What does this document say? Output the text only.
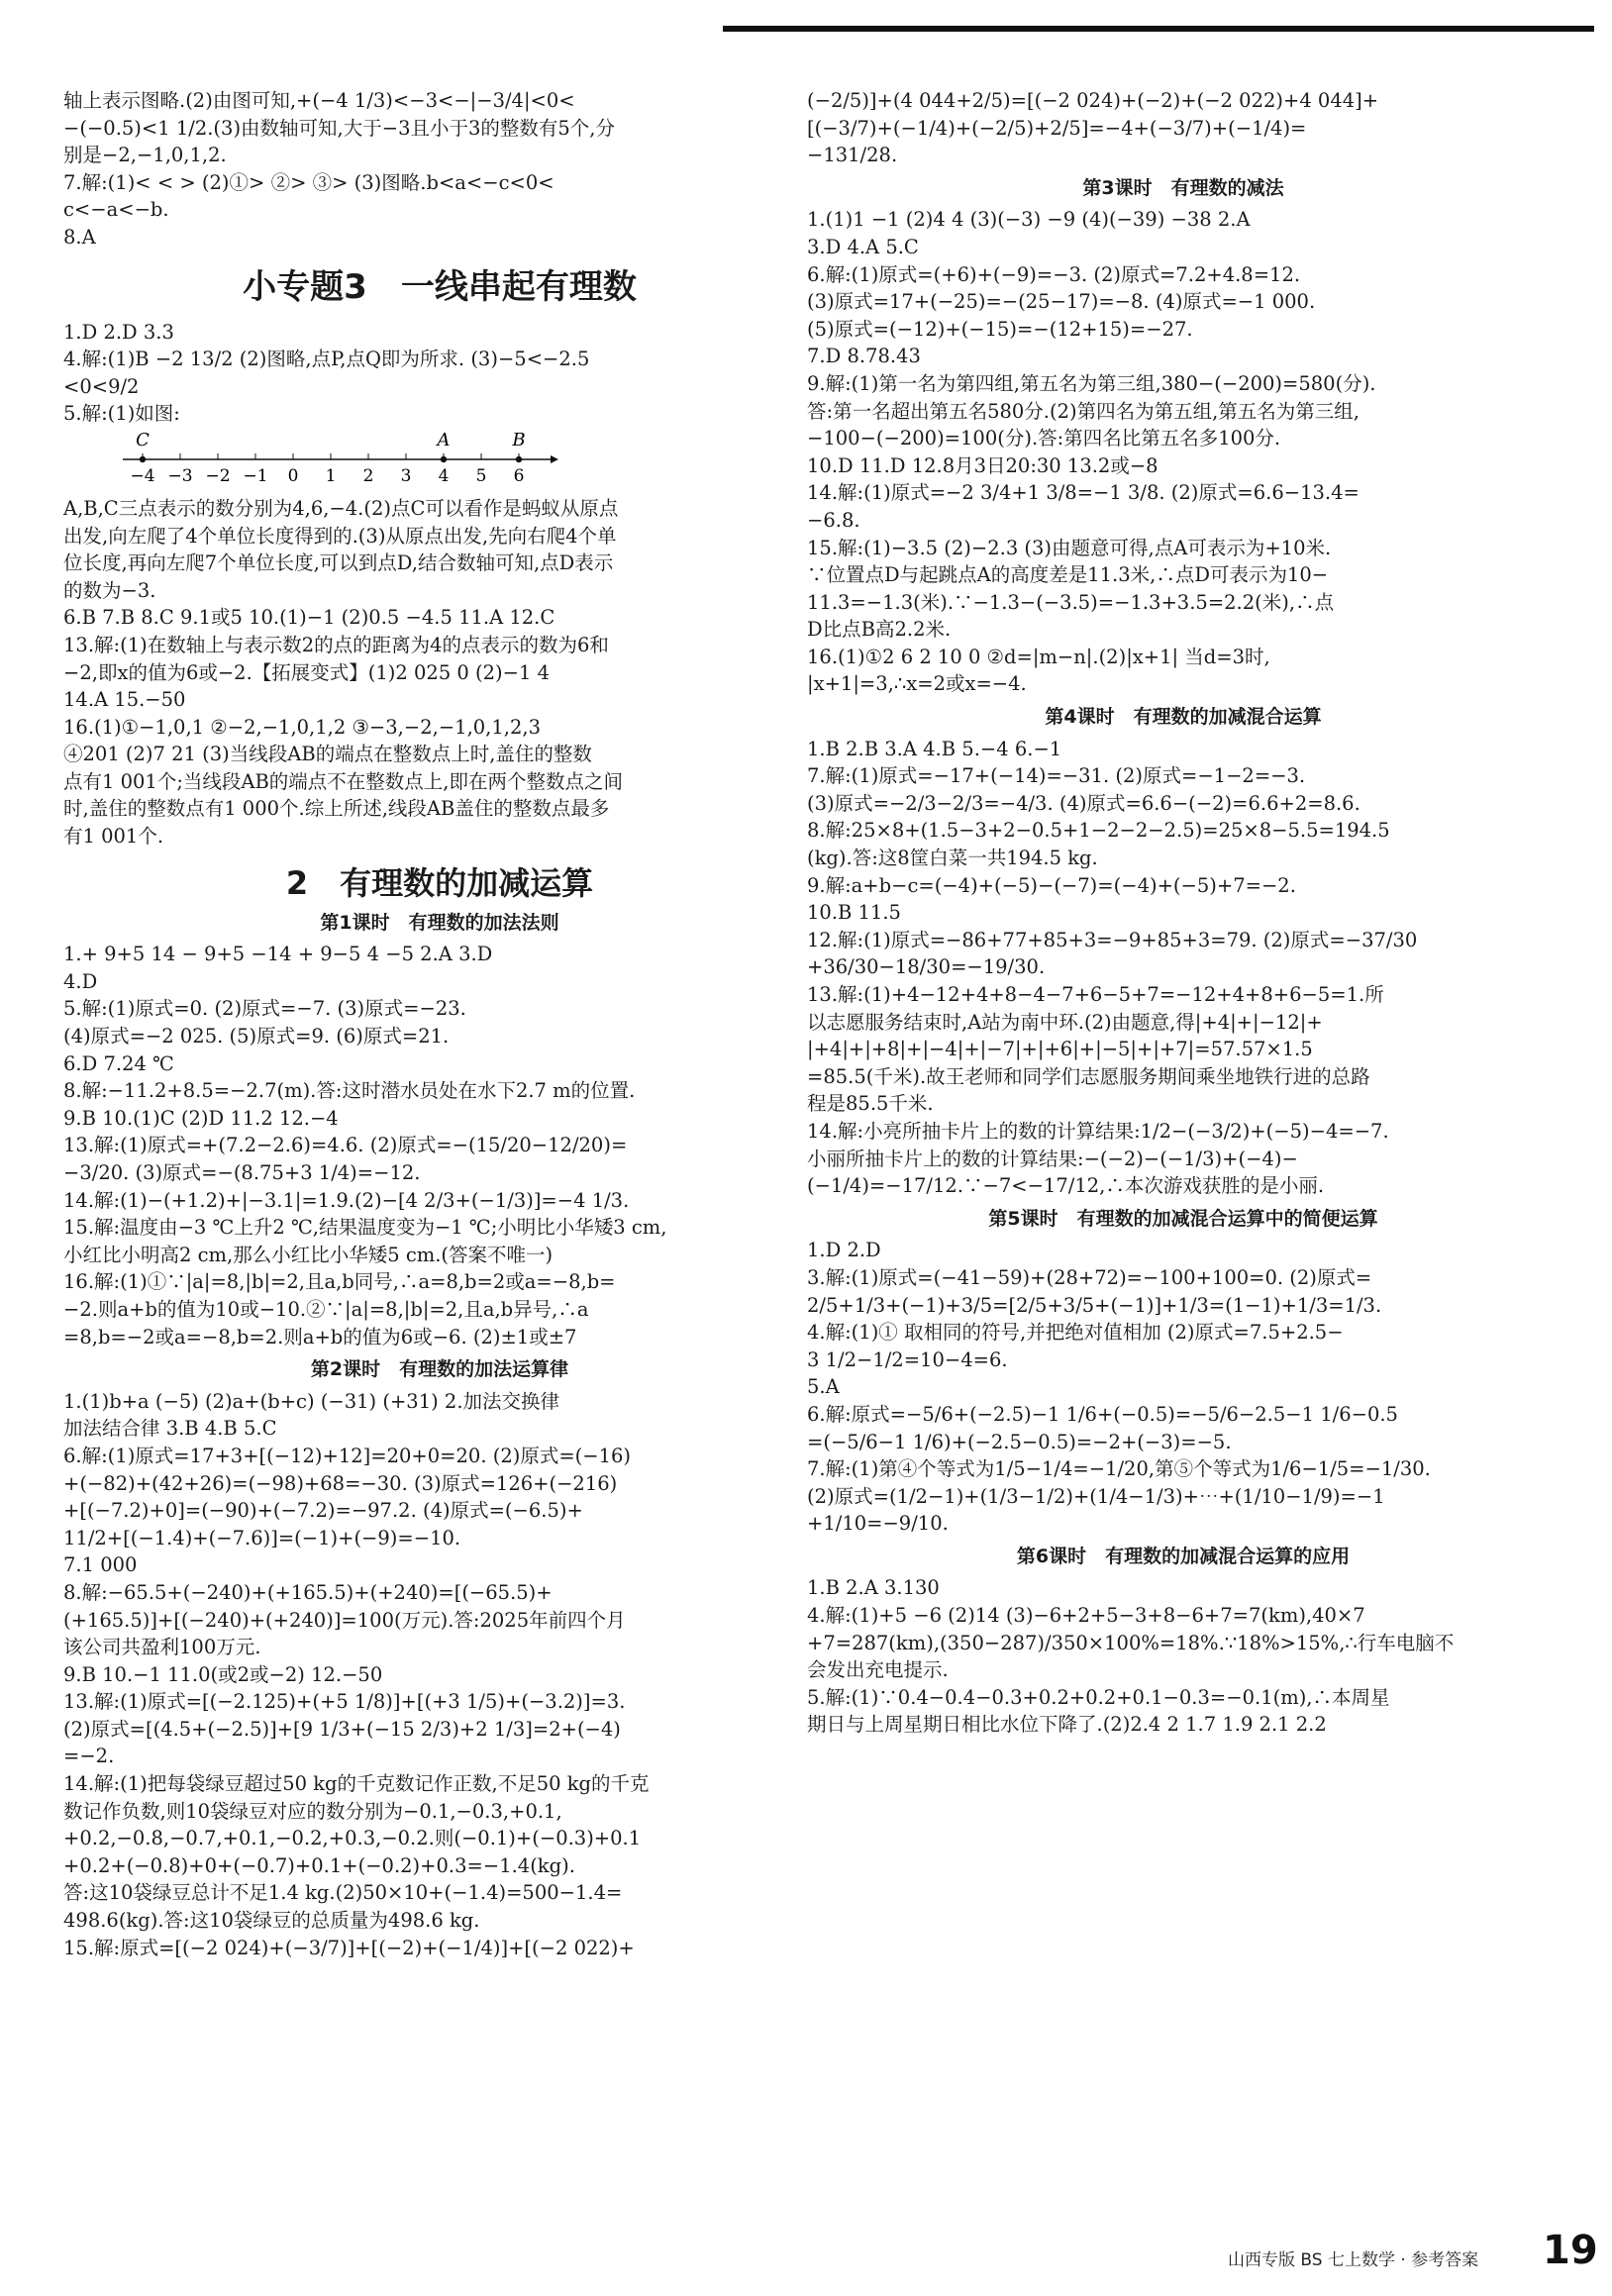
轴上表示图略.(2)由图可知,+(−4 1/3)<−3<−|−3/4|<0<

−(−0.5)<1 1/2.(3)由数轴可知,大于−3且小于3的整数有5个,分

别是−2,−1,0,1,2.

7.解:(1)< < > (2)①> ②> ③> (3)图略.b<a<−c<0<

c<−a<−b.

8.A

小专题3　一线串起有理数

1.D 2.D 3.3

4.解:(1)B −2 13/2 (2)图略,点P,点Q即为所求. (3)−5<−2.5

<0<9/2

5.解:(1)如图:

−4 −3 −2 −1 0 1 2 3 4 5 6
C	A	B

A,B,C三点表示的数分别为4,6,−4.(2)点C可以看作是蚂蚁从原点

出发,向左爬了4个单位长度得到的.(3)从原点出发,先向右爬4个单

位长度,再向左爬7个单位长度,可以到点D,结合数轴可知,点D表示

的数为−3.

6.B 7.B 8.C 9.1或5 10.(1)−1 (2)0.5 −4.5 11.A 12.C

13.解:(1)在数轴上与表示数2的点的距离为4的点表示的数为6和

−2,即x的值为6或−2.【拓展变式】(1)2 025 0 (2)−1 4

14.A 15.−50

16.(1)①−1,0,1 ②−2,−1,0,1,2 ③−3,−2,−1,0,1,2,3

④201 (2)7 21 (3)当线段AB的端点在整数点上时,盖住的整数

点有1 001个;当线段AB的端点不在整数点上,即在两个整数点之间

时,盖住的整数点有1 000个.综上所述,线段AB盖住的整数点最多

有1 001个.

2　有理数的加减运算

第1课时　有理数的加法法则

1.+ 9+5 14 − 9+5 −14 + 9−5 4 −5 2.A 3.D

4.D

5.解:(1)原式=0. (2)原式=−7. (3)原式=−23.

(4)原式=−2 025. (5)原式=9. (6)原式=21.

6.D 7.24 ℃

8.解:−11.2+8.5=−2.7(m).答:这时潜水员处在水下2.7 m的位置.

9.B 10.(1)C (2)D 11.2 12.−4

13.解:(1)原式=+(7.2−2.6)=4.6. (2)原式=−(15/20−12/20)=

−3/20. (3)原式=−(8.75+3 1/4)=−12.

14.解:(1)−(+1.2)+|−3.1|=1.9.(2)−[4 2/3+(−1/3)]=−4 1/3.

15.解:温度由−3 ℃上升2 ℃,结果温度变为−1 ℃;小明比小华矮3 cm,

小红比小明高2 cm,那么小红比小华矮5 cm.(答案不唯一)

16.解:(1)①∵|a|=8,|b|=2,且a,b同号,∴a=8,b=2或a=−8,b=

−2.则a+b的值为10或−10.②∵|a|=8,|b|=2,且a,b异号,∴a

=8,b=−2或a=−8,b=2.则a+b的值为6或−6. (2)±1或±7

第2课时　有理数的加法运算律

1.(1)b+a (−5) (2)a+(b+c) (−31) (+31) 2.加法交换律

加法结合律 3.B 4.B 5.C

6.解:(1)原式=17+3+[(−12)+12]=20+0=20. (2)原式=(−16)

+(−82)+(42+26)=(−98)+68=−30. (3)原式=126+(−216)

+[(−7.2)+0]=(−90)+(−7.2)=−97.2. (4)原式=(−6.5)+

11/2+[(−1.4)+(−7.6)]=(−1)+(−9)=−10.

7.1 000

8.解:−65.5+(−240)+(+165.5)+(+240)=[(−65.5)+

(+165.5)]+[(−240)+(+240)]=100(万元).答:2025年前四个月

该公司共盈利100万元.

9.B 10.−1 11.0(或2或−2) 12.−50

13.解:(1)原式=[(−2.125)+(+5 1/8)]+[(+3 1/5)+(−3.2)]=3.

(2)原式=[(4.5+(−2.5)]+[9 1/3+(−15 2/3)+2 1/3]=2+(−4)

=−2.

14.解:(1)把每袋绿豆超过50 kg的千克数记作正数,不足50 kg的千克

数记作负数,则10袋绿豆对应的数分别为−0.1,−0.3,+0.1,

+0.2,−0.8,−0.7,+0.1,−0.2,+0.3,−0.2.则(−0.1)+(−0.3)+0.1

+0.2+(−0.8)+0+(−0.7)+0.1+(−0.2)+0.3=−1.4(kg).

答:这10袋绿豆总计不足1.4 kg.(2)50×10+(−1.4)=500−1.4=

498.6(kg).答:这10袋绿豆的总质量为498.6 kg.

15.解:原式=[(−2 024)+(−3/7)]+[(−2)+(−1/4)]+[(−2 022)+

(−2/5)]+(4 044+2/5)=[(−2 024)+(−2)+(−2 022)+4 044]+

[(−3/7)+(−1/4)+(−2/5)+2/5]=−4+(−3/7)+(−1/4)=

−131/28.

第3课时　有理数的减法

1.(1)1 −1 (2)4 4 (3)(−3) −9 (4)(−39) −38 2.A

3.D 4.A 5.C

6.解:(1)原式=(+6)+(−9)=−3. (2)原式=7.2+4.8=12.

(3)原式=17+(−25)=−(25−17)=−8. (4)原式=−1 000.

(5)原式=(−12)+(−15)=−(12+15)=−27.

7.D 8.78.43

9.解:(1)第一名为第四组,第五名为第三组,380−(−200)=580(分).

答:第一名超出第五名580分.(2)第四名为第五组,第五名为第三组,

−100−(−200)=100(分).答:第四名比第五名多100分.

10.D 11.D 12.8月3日20:30 13.2或−8

14.解:(1)原式=−2 3/4+1 3/8=−1 3/8. (2)原式=6.6−13.4=

−6.8.

15.解:(1)−3.5 (2)−2.3 (3)由题意可得,点A可表示为+10米.

∵位置点D与起跳点A的高度差是11.3米,∴点D可表示为10−

11.3=−1.3(米).∵−1.3−(−3.5)=−1.3+3.5=2.2(米),∴点

D比点B高2.2米.

16.(1)①2 6 2 10 0 ②d=|m−n|.(2)|x+1| 当d=3时,

|x+1|=3,∴x=2或x=−4.

第4课时　有理数的加减混合运算

1.B 2.B 3.A 4.B 5.−4 6.−1

7.解:(1)原式=−17+(−14)=−31. (2)原式=−1−2=−3.

(3)原式=−2/3−2/3=−4/3. (4)原式=6.6−(−2)=6.6+2=8.6.

8.解:25×8+(1.5−3+2−0.5+1−2−2−2.5)=25×8−5.5=194.5

(kg).答:这8筐白菜一共194.5 kg.

9.解:a+b−c=(−4)+(−5)−(−7)=(−4)+(−5)+7=−2.

10.B 11.5

12.解:(1)原式=−86+77+85+3=−9+85+3=79. (2)原式=−37/30

+36/30−18/30=−19/30.

13.解:(1)+4−12+4+8−4−7+6−5+7=−12+4+8+6−5=1.所

以志愿服务结束时,A站为南中环.(2)由题意,得|+4|+|−12|+

|+4|+|+8|+|−4|+|−7|+|+6|+|−5|+|+7|=57.57×1.5

=85.5(千米).故王老师和同学们志愿服务期间乘坐地铁行进的总路

程是85.5千米.

14.解:小亮所抽卡片上的数的计算结果:1/2−(−3/2)+(−5)−4=−7.

小丽所抽卡片上的数的计算结果:−(−2)−(−1/3)+(−4)−

(−1/4)=−17/12.∵−7<−17/12,∴本次游戏获胜的是小丽.

第5课时　有理数的加减混合运算中的简便运算

1.D 2.D

3.解:(1)原式=(−41−59)+(28+72)=−100+100=0. (2)原式=

2/5+1/3+(−1)+3/5=[2/5+3/5+(−1)]+1/3=(1−1)+1/3=1/3.

4.解:(1)① 取相同的符号,并把绝对值相加 (2)原式=7.5+2.5−

3 1/2−1/2=10−4=6.

5.A

6.解:原式=−5/6+(−2.5)−1 1/6+(−0.5)=−5/6−2.5−1 1/6−0.5

=(−5/6−1 1/6)+(−2.5−0.5)=−2+(−3)=−5.

7.解:(1)第④个等式为1/5−1/4=−1/20,第⑤个等式为1/6−1/5=−1/30.

(2)原式=(1/2−1)+(1/3−1/2)+(1/4−1/3)+⋯+(1/10−1/9)=−1

+1/10=−9/10.

第6课时　有理数的加减混合运算的应用

1.B 2.A 3.130

4.解:(1)+5 −6 (2)14 (3)−6+2+5−3+8−6+7=7(km),40×7

+7=287(km),(350−287)/350×100%=18%.∵18%>15%,∴行车电脑不

会发出充电提示.

5.解:(1)∵0.4−0.4−0.3+0.2+0.2+0.1−0.3=−0.1(m),∴本周星

期日与上周星期日相比水位下降了.(2)2.4 2 1.7 1.9 2.1 2.2

山西专版 BS 七上数学 · 参考答案 19
